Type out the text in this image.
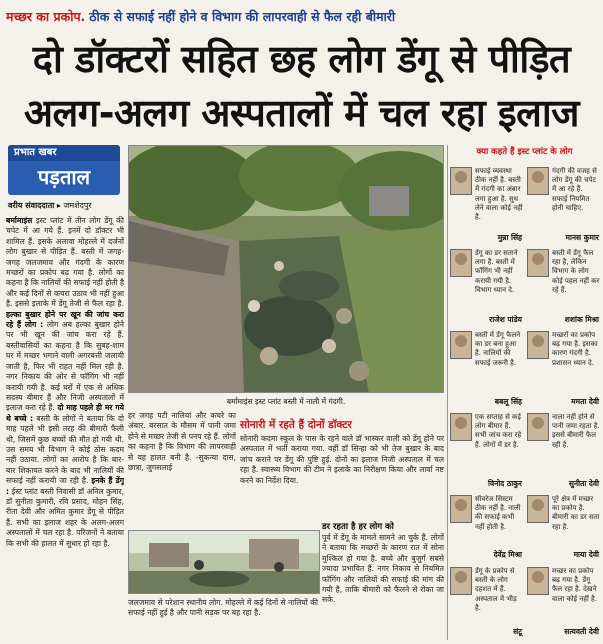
मच्छर का प्रकोप. ठीक से सफाई नहीं होने व विभाग की लापरवाही से फैल रही बीमारी
दो डॉक्टरों सहित छह लोग डेंगू से पीड़ित
अलग-अलग अस्पतालों में चल रहा इलाज
प्रभात खबर
पड़ताल
वरीय संवाददाता ▸ जमशेदपुर
बर्मामाइंस इस्ट प्लांट में तीन लोग डेंगू की चपेट में आ गये हैं. इनमें दो डॉक्टर भी शामिल हैं. इसके अलावा मोहल्ले में दर्जनों लोग बुखार से पीड़ित हैं. बस्ती में जगह-जगह जलजमाव और गंदगी के कारण मच्छरों का प्रकोप बढ़ गया है. लोगों का कहना है कि नालियों की सफाई नहीं होती है और कई दिनों से कचरा उठाव भी नहीं हुआ है. इससे इलाके में डेंगू तेजी से फैल रहा है. हल्का बुखार होने पर खून की जांच करा रहे हैं लोग : लोग अब हल्का बुखार होने पर भी खून की जांच करा रहे हैं. बस्तीवासियों का कहना है कि सुबह-शाम घर में मच्छर भगाने वाली अगरबत्ती जलायी जाती है, फिर भी राहत नहीं मिल रही है. नगर निकाय की ओर से फॉगिंग भी नहीं करायी गयी है. कई घरों में एक से अधिक सदस्य बीमार हैं और निजी अस्पतालों में इलाज करा रहे हैं. दो माह पहले ही मर गये थे बच्चे : बस्ती के लोगों ने बताया कि दो माह पहले भी इसी तरह की बीमारी फैली थी, जिसमें कुछ बच्चों की मौत हो गयी थी. उस समय भी विभाग ने कोई ठोस कदम नहीं उठाया. लोगों का आरोप है कि बार-बार शिकायत करने के बाद भी नालियों की सफाई नहीं करायी जा रही है. इनके हैं डेंगू : ईस्ट प्लांट बस्ती निवासी डॉ अनिल कुमार, डॉ सुनीता कुमारी, रवि प्रसाद, मोहन सिंह, रीता देवी और अमित कुमार डेंगू से पीड़ित हैं. सभी का इलाज शहर के अलग-अलग अस्पतालों में चल रहा है. परिजनों ने बताया कि सभी की हालत में सुधार हो रहा है.
बर्मामाइंस इस्ट प्लांट बस्ती में नाली में गंदगी.
हर जगह पटी नालियां और कचरे का अंबार. बरसात के मौसम में पानी जमा होने से मच्छर तेजी से पनप रहे हैं. लोगों का कहना है कि विभाग की लापरवाही से यह हालत बनी है. -सुकन्या दास, छात्रा, जुगसलाई
सोनारी में रहते हैं दोनों डॉक्टर
सोनारी कदमा स्कूल के पास के रहने वाले डॉ भास्कर वाली को डेंगू होने पर अस्पताल में भर्ती कराया गया. वहीं डॉ सिन्हा को भी तेज बुखार के बाद जांच कराने पर डेंगू की पुष्टि हुई. दोनों का इलाज निजी अस्पताल में चल रहा है. स्वास्थ्य विभाग की टीम ने इलाके का निरीक्षण किया और लार्वा नष्ट करने का निर्देश दिया.
डर रहता है हर लोग को
पूर्व में डेंगू के मामले सामने आ चुके हैं. लोगों ने बताया कि मच्छरों के कारण रात में सोना मुश्किल हो गया है. बच्चे और बुजुर्ग सबसे ज्यादा प्रभावित हैं. नगर निकाय से नियमित फॉगिंग और नालियों की सफाई की मांग की गयी है, ताकि बीमारी को फैलने से रोका जा सके.
जलजमाव से परेशान स्थानीय लोग. मोहल्ले में कई दिनों से नालियों की सफाई नहीं हुई है और पानी सड़क पर बह रहा है.
क्या कहते हैं इस्ट प्लांट के लोग
सफाई व्यवस्था ठीक नहीं है. बस्ती में गंदगी का अंबार लगा हुआ है. सुध लेने वाला कोई नहीं है.
मुन्ना सिंह
गंदगी की वजह से लोग डेंगू की चपेट में आ रहे हैं. सफाई नियमित होनी चाहिए.
मानस कुमार
डेंगू का डर सताने लगा है. बस्ती में फॉगिंग भी नहीं करायी गयी है. विभाग ध्यान दे.
राजेश पांडेय
बस्ती में डेंगू फैल रहा है, लेकिन विभाग के लोग कोई पहल नहीं कर रहे हैं.
शशांक मिश्रा
बस्ती में डेंगू फैलने का डर बना हुआ है. नालियों की सफाई जरूरी है.
बबलू सिंह
मच्छरों का प्रकोप बढ़ गया है. इसका कारण गंदगी है. प्रशासन ध्यान दे.
ममता देवी
एक सप्ताह से कई लोग बीमार हैं. सभी जांच करा रहे हैं. लोगों में डर है.
विनोद ठाकुर
नाला नहीं होने से पानी जमा रहता है. इससे बीमारी फैल रही है.
सुनीता देवी
सीवरेज सिस्टम ठीक नहीं है. नाली की सफाई कभी नहीं होती है.
देवेंद्र मिश्रा
पूरे क्षेत्र में मच्छर का प्रकोप है. बीमारी का डर सता रहा है.
माया देवी
डेंगू के प्रकोप से बस्ती के लोग दहशत में हैं. अस्पताल में भीड़ है.
संटू
मच्छर का प्रकोप बढ़ गया है. डेंगू फैल रहा है. देखने वाला कोई नहीं है.
सत्यवती देवी
